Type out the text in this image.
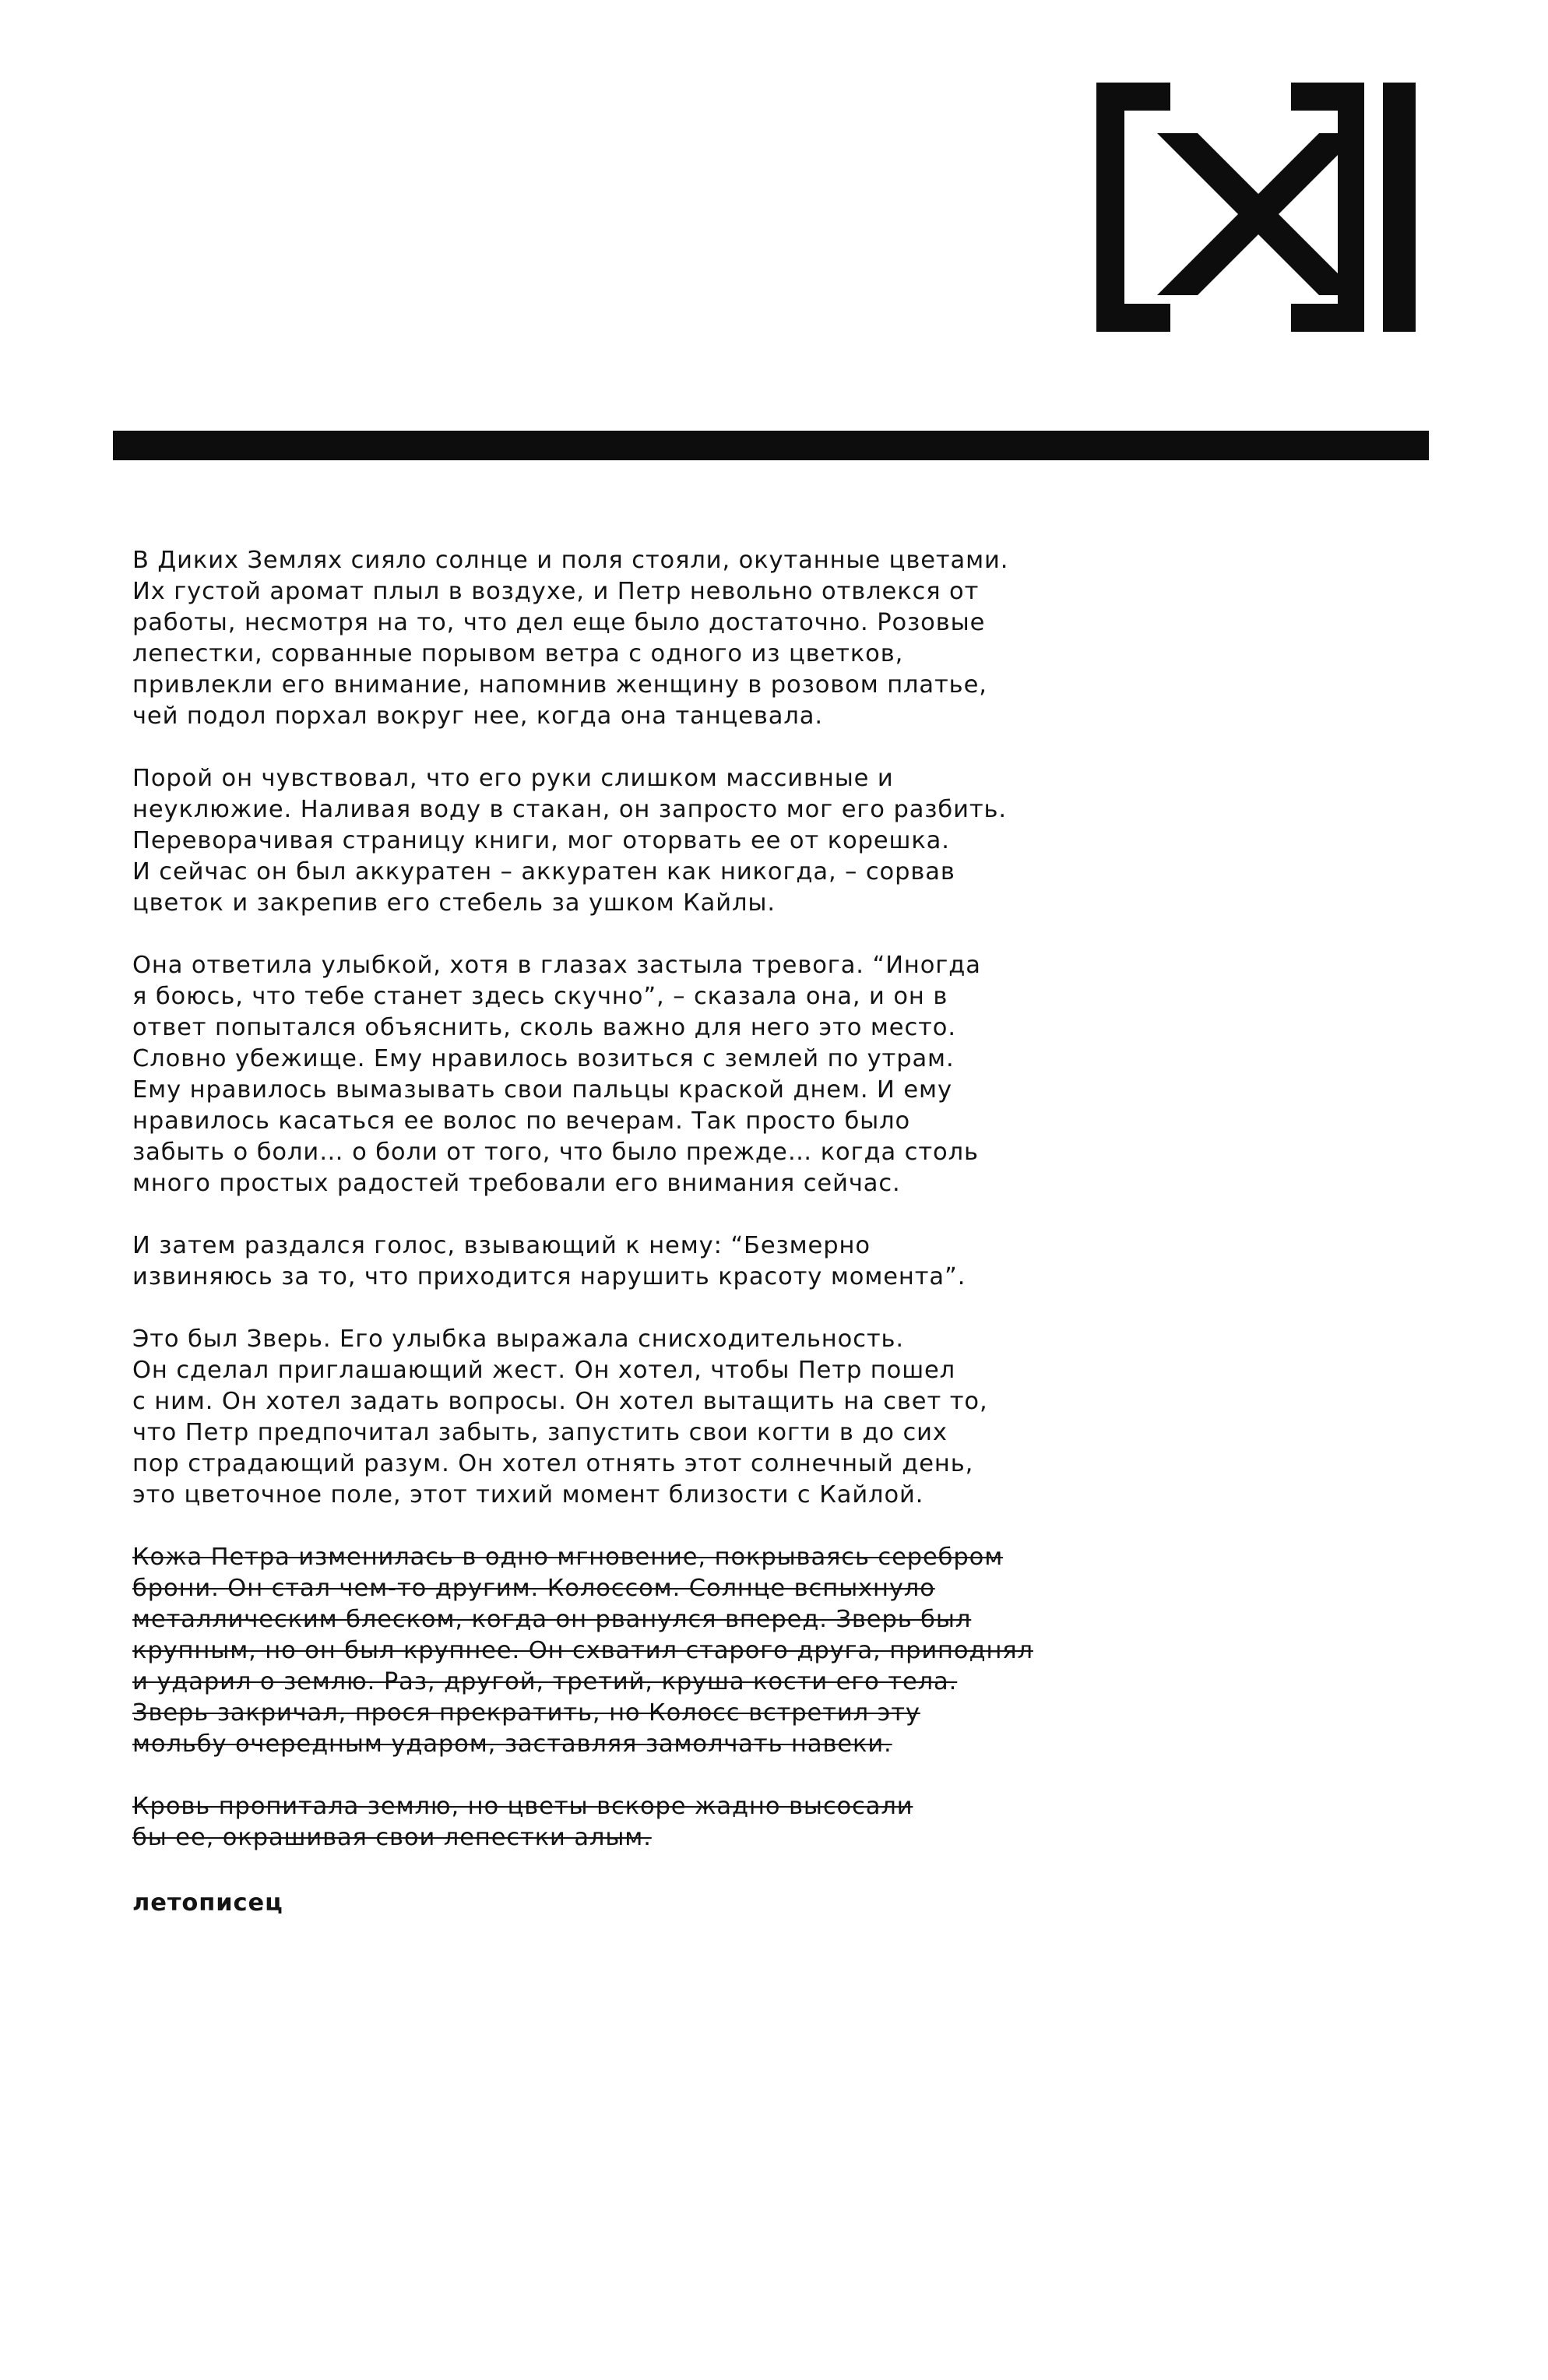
В Диких Землях сияло солнце и поля стояли, окутанные цветами.
Их густой аромат плыл в воздухе, и Петр невольно отвлекся от
работы, несмотря на то, что дел еще было достаточно. Розовые
лепестки, сорванные порывом ветра с одного из цветков,
привлекли его внимание, напомнив женщину в розовом платье,
чей подол порхал вокруг нее, когда она танцевала.

Порой он чувствовал, что его руки слишком массивные и
неуклюжие. Наливая воду в стакан, он запросто мог его разбить.
Переворачивая страницу книги, мог оторвать ее от корешка.
И сейчас он был аккуратен – аккуратен как никогда, – сорвав
цветок и закрепив его стебель за ушком Кайлы.

Она ответила улыбкой, хотя в глазах застыла тревога. “Иногда
я боюсь, что тебе станет здесь скучно”, – сказала она, и он в
ответ попытался объяснить, сколь важно для него это место.
Словно убежище. Ему нравилось возиться с землей по утрам.
Ему нравилось вымазывать свои пальцы краской днем. И ему
нравилось касаться ее волос по вечерам. Так просто было
забыть о боли… о боли от того, что было прежде… когда столь
много простых радостей требовали его внимания сейчас.

И затем раздался голос, взывающий к нему: “Безмерно
извиняюсь за то, что приходится нарушить красоту момента”.

Это был Зверь. Его улыбка выражала снисходительность.
Он сделал приглашающий жест. Он хотел, чтобы Петр пошел
с ним. Он хотел задать вопросы. Он хотел вытащить на свет то,
что Петр предпочитал забыть, запустить свои когти в до сих
пор страдающий разум. Он хотел отнять этот солнечный день,
это цветочное поле, этот тихий момент близости с Кайлой.

Кожа Петра изменилась в одно мгновение, покрываясь серебром
брони. Он стал чем-то другим. Колоссом. Солнце вспыхнуло
металлическим блеском, когда он рванулся вперед. Зверь был
крупным, но он был крупнее. Он схватил старого друга, приподнял
и ударил о землю. Раз, другой, третий, круша кости его тела.
Зверь закричал, прося прекратить, но Колосс встретил эту
мольбу очередным ударом, заставляя замолчать навеки.

Кровь пропитала землю, но цветы вскоре жадно высосали
бы ее, окрашивая свои лепестки алым.

летописец
